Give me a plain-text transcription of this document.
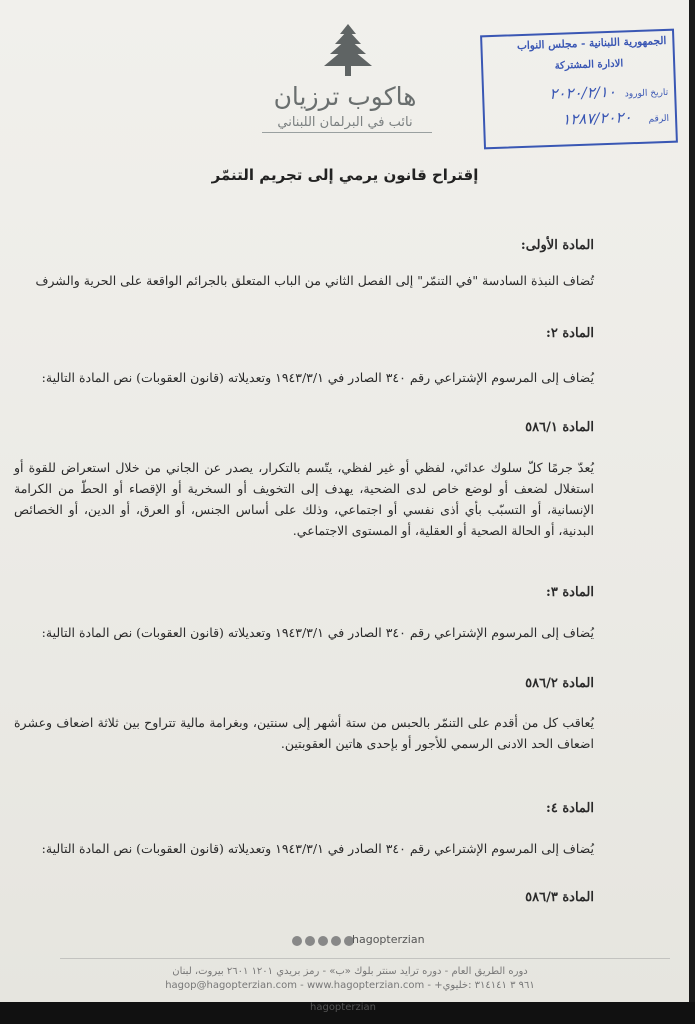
هاكوب ترزيان
نائب في البرلمان اللبناني
الجمهورية اللبنانية - مجلس النواب
الادارة المشتركة
تاريخ الورود ٢٠٢٠/٢/١٠
الرقم ١٢٨٧/٢٠٢٠
إقتراح قانون يرمي إلى تجريم التنمّر
المادة الأولى:
تُضاف النبذة السادسة "في التنمّر" إلى الفصل الثاني من الباب المتعلق بالجرائم الواقعة على الحرية والشرف
المادة ٢:
يُضاف إلى المرسوم الإشتراعي رقم ٣٤٠ الصادر في ١٩٤٣/٣/١ وتعديلاته (قانون العقوبات) نص المادة التالية:
المادة ٥٨٦/١
يُعدّ جرمًا كلّ سلوك عدائي، لفظي أو غير لفظي، يتّسم بالتكرار، يصدر عن الجاني من خلال استعراض للقوة أو استغلال لضعف أو لوضع خاص لدى الضحية، يهدف إلى التخويف أو السخرية أو الإقصاء أو الحطّ من الكرامة الإنسانية، أو التسبّب بأي أذى نفسي أو اجتماعي، وذلك على أساس الجنس، أو العرق، أو الدين، أو الخصائص البدنية، أو الحالة الصحية أو العقلية، أو المستوى الاجتماعي.
المادة ٣:
يُضاف إلى المرسوم الإشتراعي رقم ٣٤٠ الصادر في ١٩٤٣/٣/١ وتعديلاته (قانون العقوبات) نص المادة التالية:
المادة ٥٨٦/٢
يُعاقب كل من أقدم على التنمّر بالحبس من ستة أشهر إلى سنتين، وبغرامة مالية تتراوح بين ثلاثة اضعاف وعشرة اضعاف الحد الادنى الرسمي للأجور أو بإحدى هاتين العقوبتين.
المادة ٤:
يُضاف إلى المرسوم الإشتراعي رقم ٣٤٠ الصادر في ١٩٤٣/٣/١ وتعديلاته (قانون العقوبات) نص المادة التالية:
المادة ٥٨٦/٣
hagopterzian
دوره الطريق العام - دوره ترايد سنتر بلوك «ب» - رمز بريدي ١٢٠١ ٢٦٠١ بيروت، لبنان
hagop@hagopterzian.com - www.hagopterzian.com - +٩٦١ ٣ ٣١٤١٤١ :خليوي
hagopterzian
